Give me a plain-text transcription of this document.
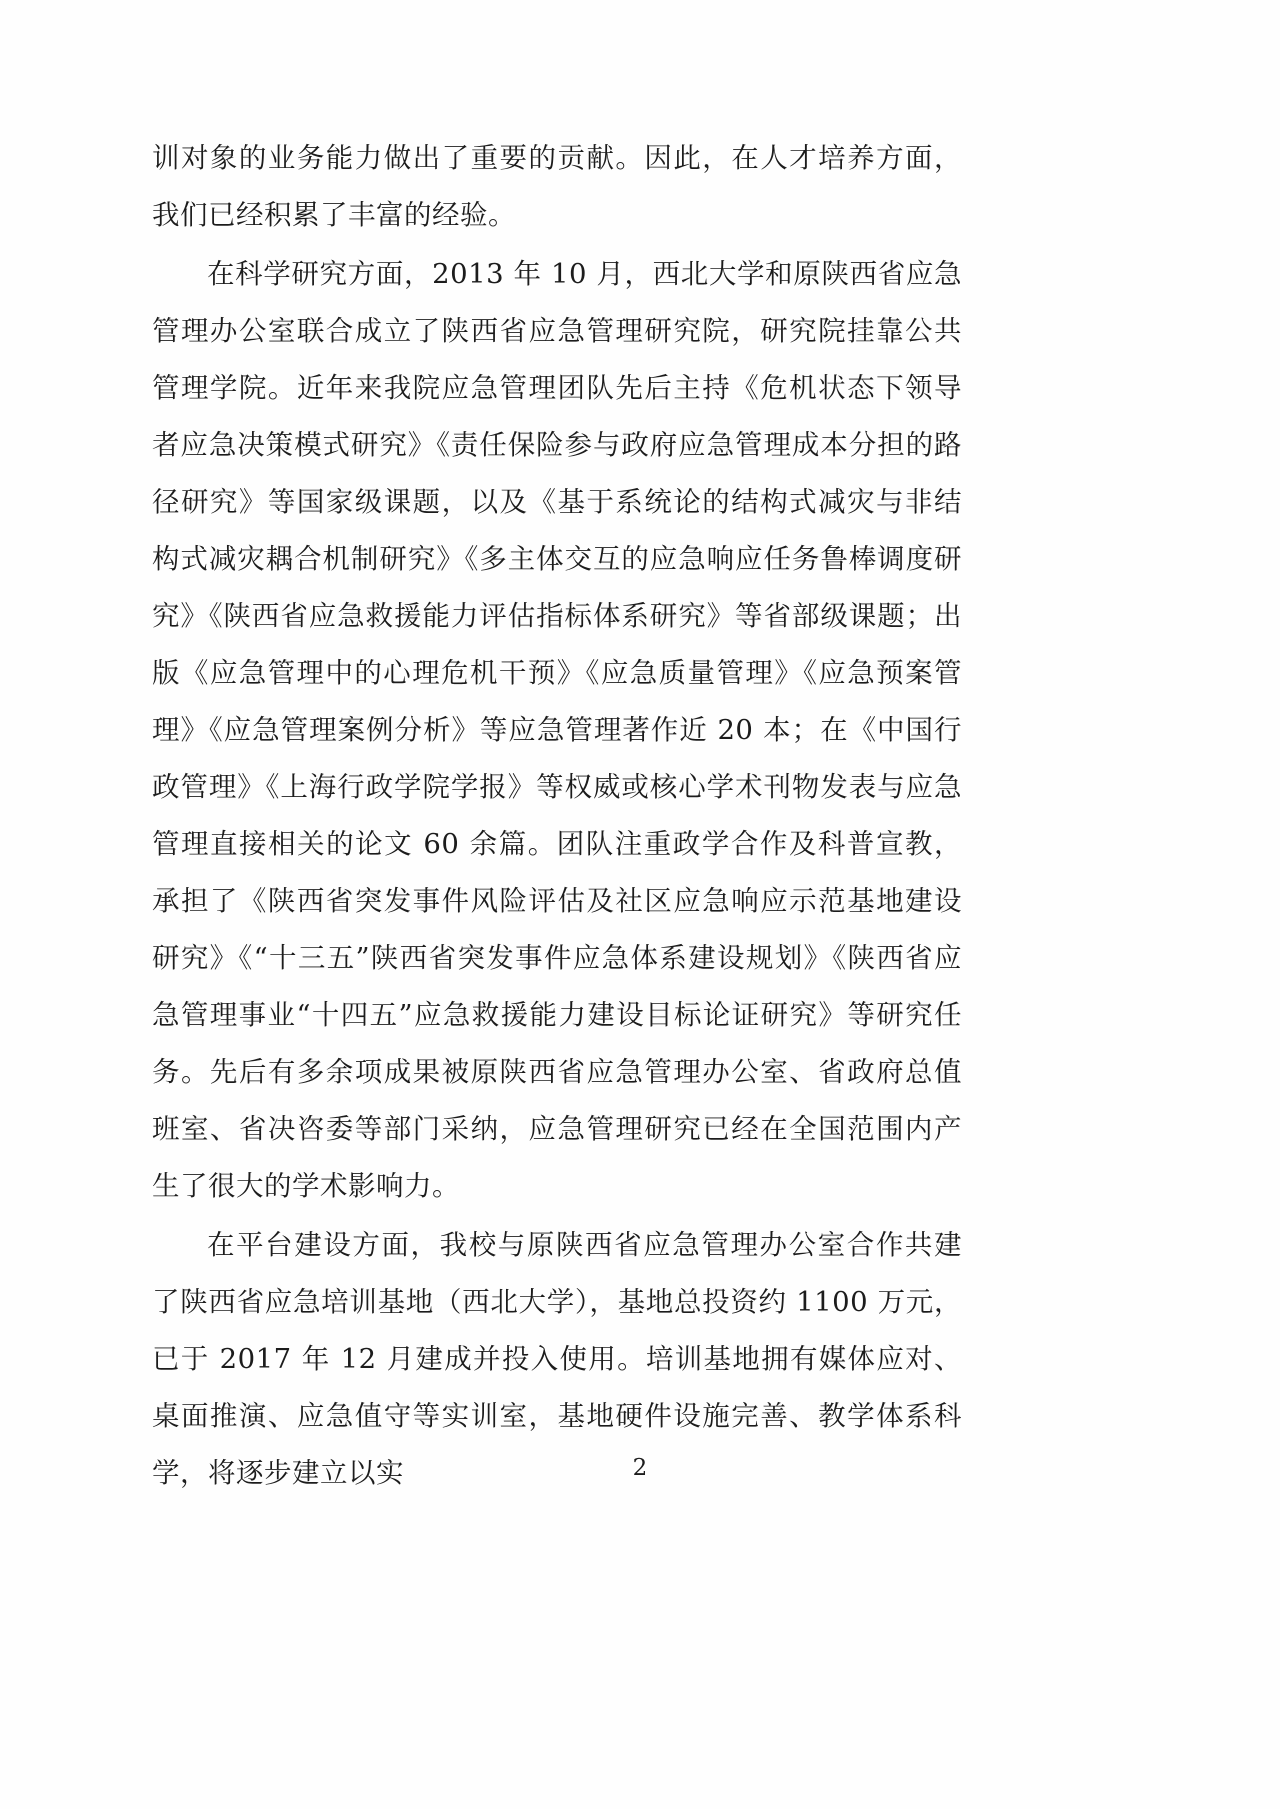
训对象的业务能力做出了重要的贡献。因此，在人才培养方面，我们已经积累了丰富的经验。

在科学研究方面，2013 年 10 月，西北大学和原陕西省应急管理办公室联合成立了陕西省应急管理研究院，研究院挂靠公共管理学院。近年来我院应急管理团队先后主持《危机状态下领导者应急决策模式研究》《责任保险参与政府应急管理成本分担的路径研究》等国家级课题，以及《基于系统论的结构式减灾与非结构式减灾耦合机制研究》《多主体交互的应急响应任务鲁棒调度研究》《陕西省应急救援能力评估指标体系研究》等省部级课题；出版《应急管理中的心理危机干预》《应急质量管理》《应急预案管理》《应急管理案例分析》等应急管理著作近 20 本；在《中国行政管理》《上海行政学院学报》等权威或核心学术刊物发表与应急管理直接相关的论文 60 余篇。团队注重政学合作及科普宣教，承担了《陕西省突发事件风险评估及社区应急响应示范基地建设研究》《“十三五”陕西省突发事件应急体系建设规划》《陕西省应急管理事业“十四五”应急救援能力建设目标论证研究》等研究任务。先后有多余项成果被原陕西省应急管理办公室、省政府总值班室、省决咨委等部门采纳，应急管理研究已经在全国范围内产生了很大的学术影响力。

在平台建设方面，我校与原陕西省应急管理办公室合作共建了陕西省应急培训基地（西北大学），基地总投资约 1100 万元，已于 2017 年 12 月建成并投入使用。培训基地拥有媒体应对、桌面推演、应急值守等实训室，基地硬件设施完善、教学体系科学，将逐步建立以实	2
